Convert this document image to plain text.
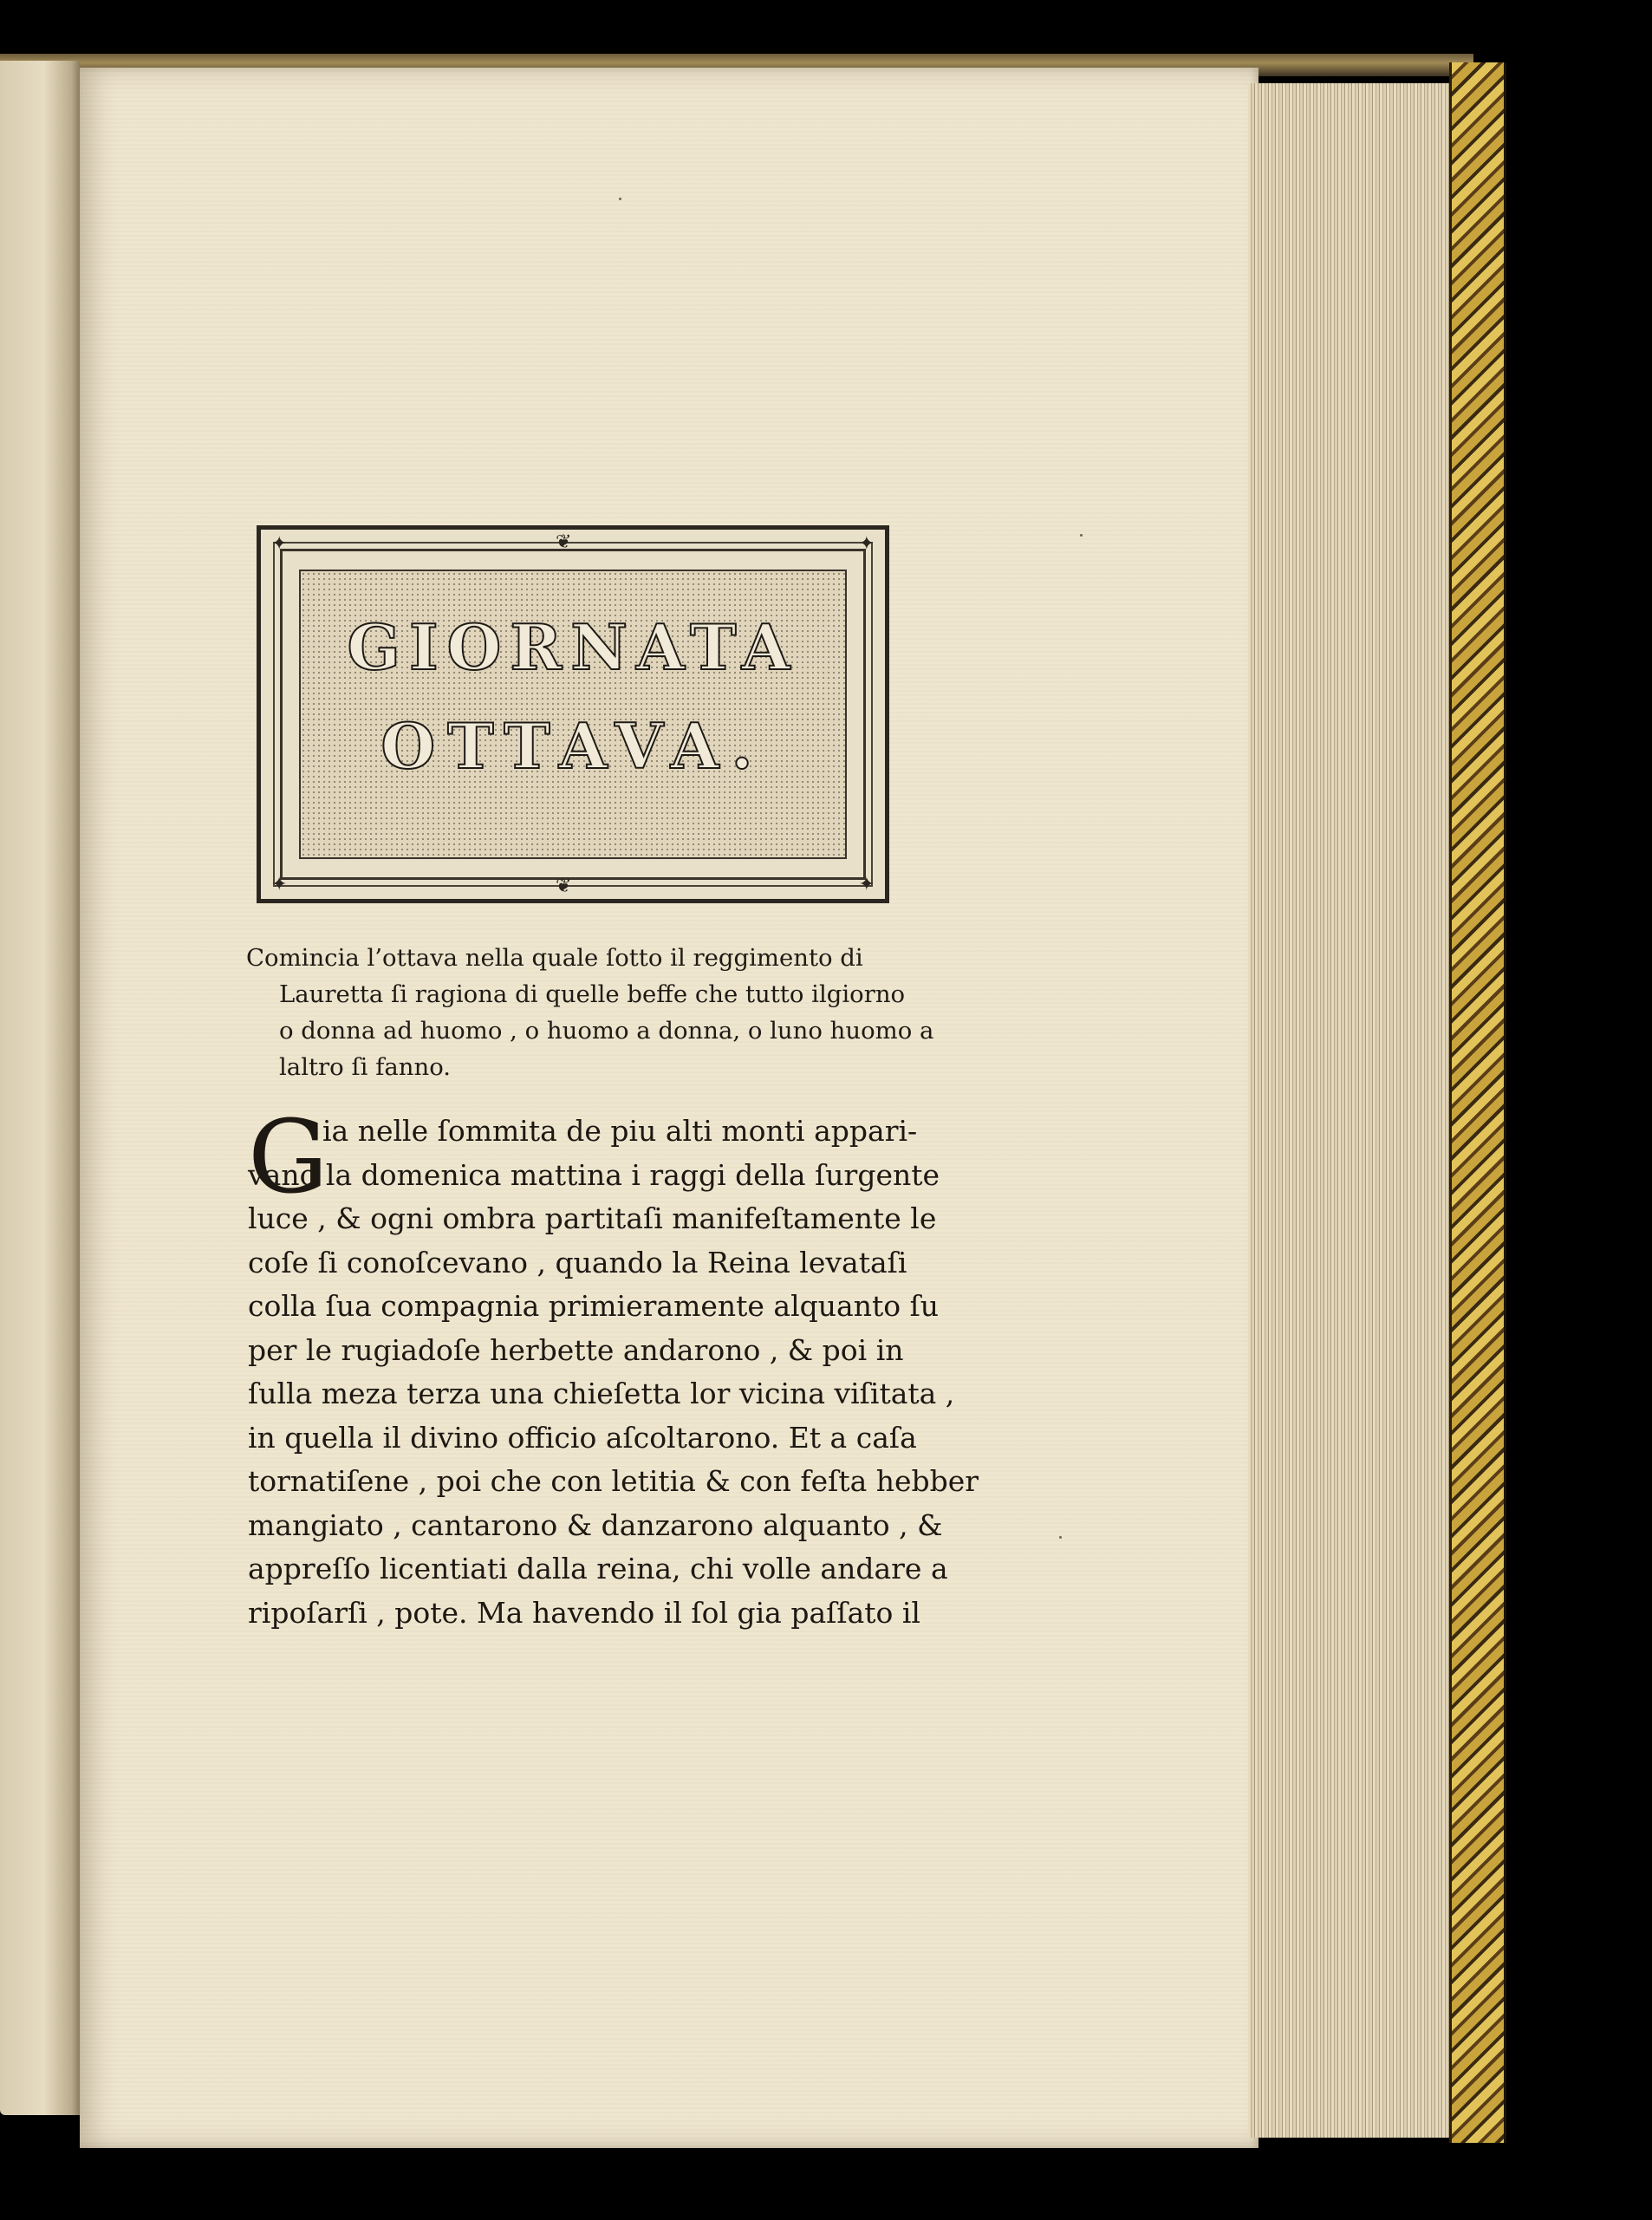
GIORNATA
OTTAVA.
✦	✦
✦	✦
❦
❦
Comincia l’ottava nella quale ſotto il reggimento di
Lauretta ſi ragiona di quelle beffe che tutto ilgiorno
o donna ad huomo , o huomo a donna, o luno huomo a
laltro ſi fanno.
G
ia nelle ſommita de piu alti monti appari-
vano la domenica mattina i raggi della ſurgente
luce , & ogni ombra partitaſi manifeſtamente le
coſe ſi conoſcevano , quando la Reina levataſi
colla ſua compagnia primieramente alquanto ſu
per le rugiadoſe herbette andarono , & poi in
ſulla meza terza una chieſetta lor vicina viſitata ,
in quella il divino officio aſcoltarono. Et a caſa
tornatiſene , poi che con letitia & con feſta hebber
mangiato , cantarono & danzarono alquanto , &
appreſſo licentiati dalla reina, chi volle andare a
ripoſarſi , pote. Ma havendo il ſol gia paſſato il
